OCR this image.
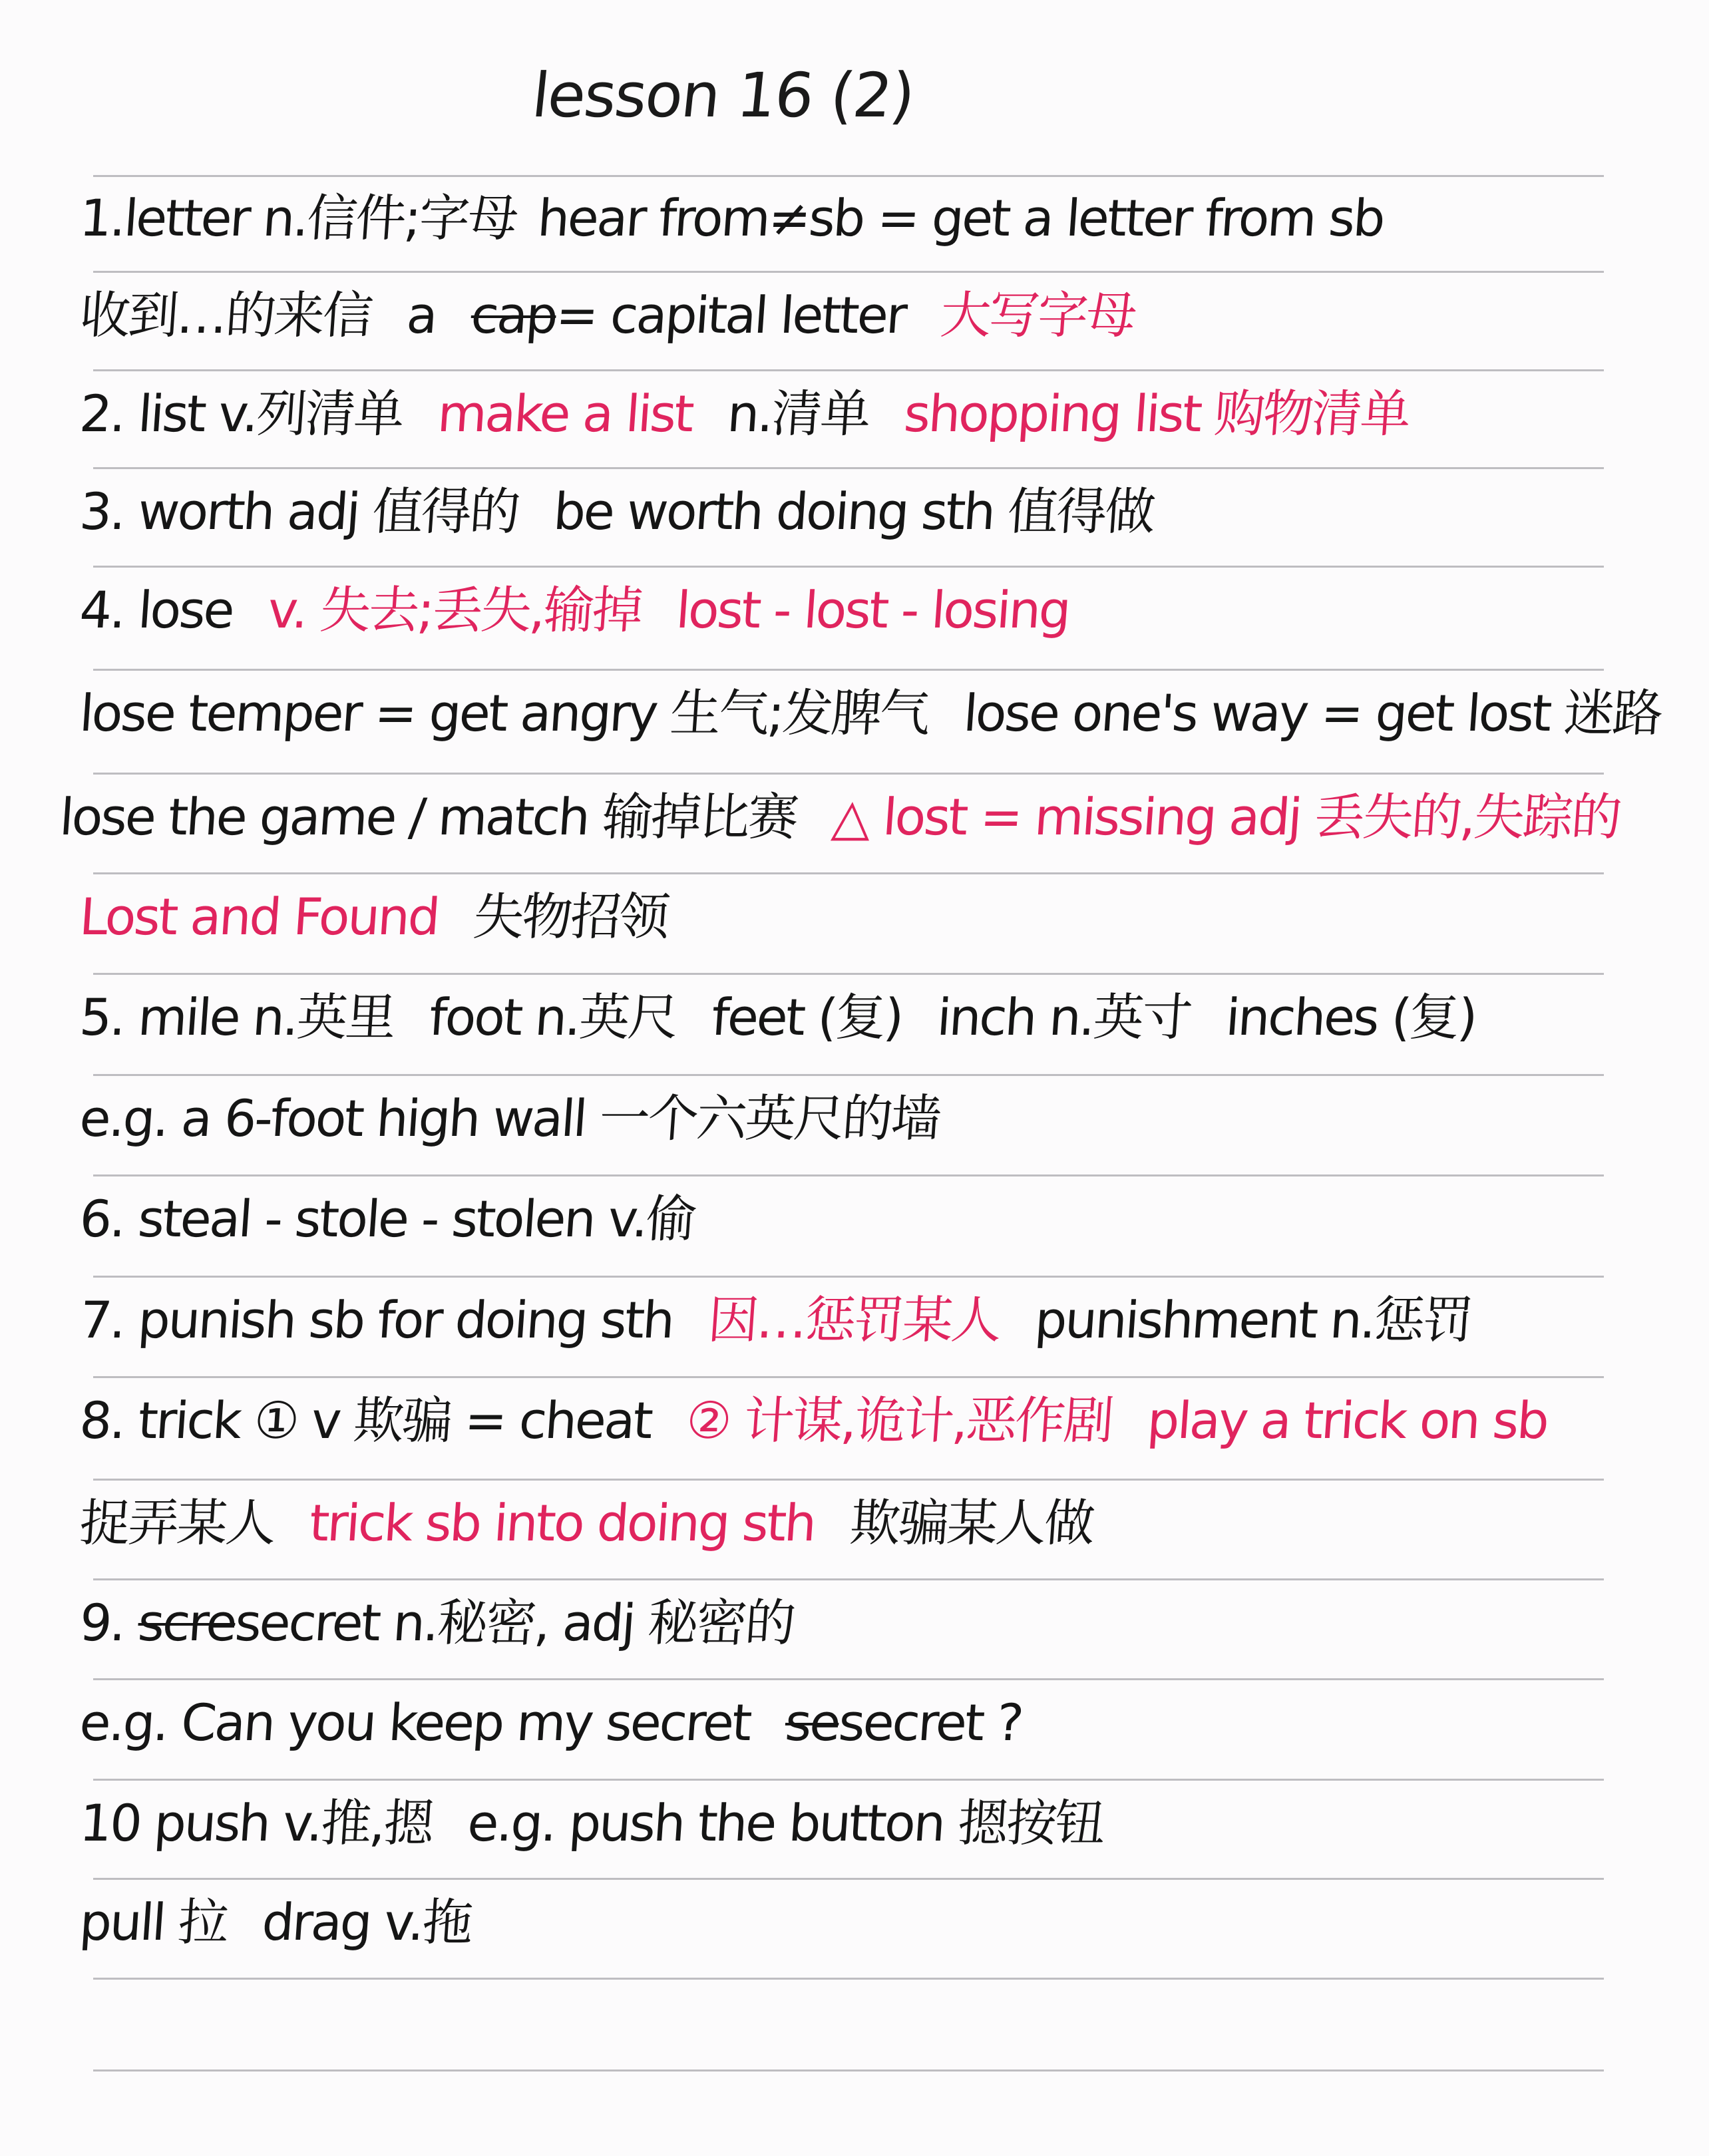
lesson 16 (2)
1.letter n.信件;字母 hear from≠sb = get a letter from sb
收到…的来信 a cap= capital letter 大写字母
2. list v.列清单 make a list n.清单 shopping list 购物清单
3. worth adj 值得的 be worth doing sth 值得做
4. lose v. 失去;丢失,输掉 lost - lost - losing
lose temper = get angry 生气;发脾气 lose one's way = get lost 迷路
lose the game / match 输掉比赛 △ lost = missing adj 丢失的,失踪的
Lost and Found 失物招领
5. mile n.英里 foot n.英尺 feet (复) inch n.英寸 inches (复)
e.g. a 6-foot high wall 一个六英尺的墙
6. steal - stole - stolen v.偷
7. punish sb for doing sth 因…惩罚某人 punishment n.惩罚
8. trick ① v 欺骗 = cheat ② 计谋,诡计,恶作剧 play a trick on sb
捉弄某人 trick sb into doing sth 欺骗某人做
9. scresecret n.秘密, adj 秘密的
e.g. Can you keep my secret sesecret ?
10 push v.推,摁 e.g. push the button 摁按钮
pull 拉 drag v.拖
